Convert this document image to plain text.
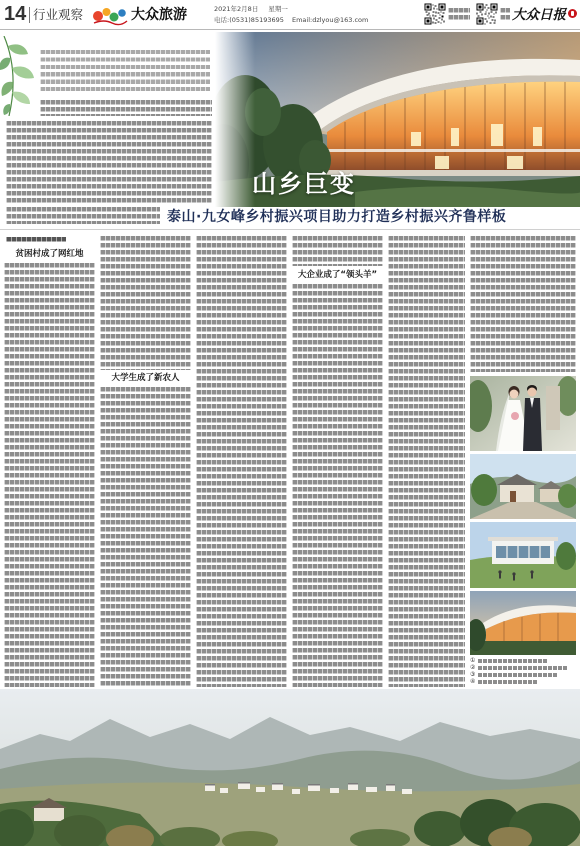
14 行业观察	大众旅游	2021年2月8日 星期一
电话:(0531)85193695 Email:dzlyou@163.com	大众日报
山乡巨变
泰山·九女峰乡村振兴项目助力打造乡村振兴齐鲁样板
贫困村成了网红地
大学生成了新农人
大企业成了“领头羊”
①
②
③
④
